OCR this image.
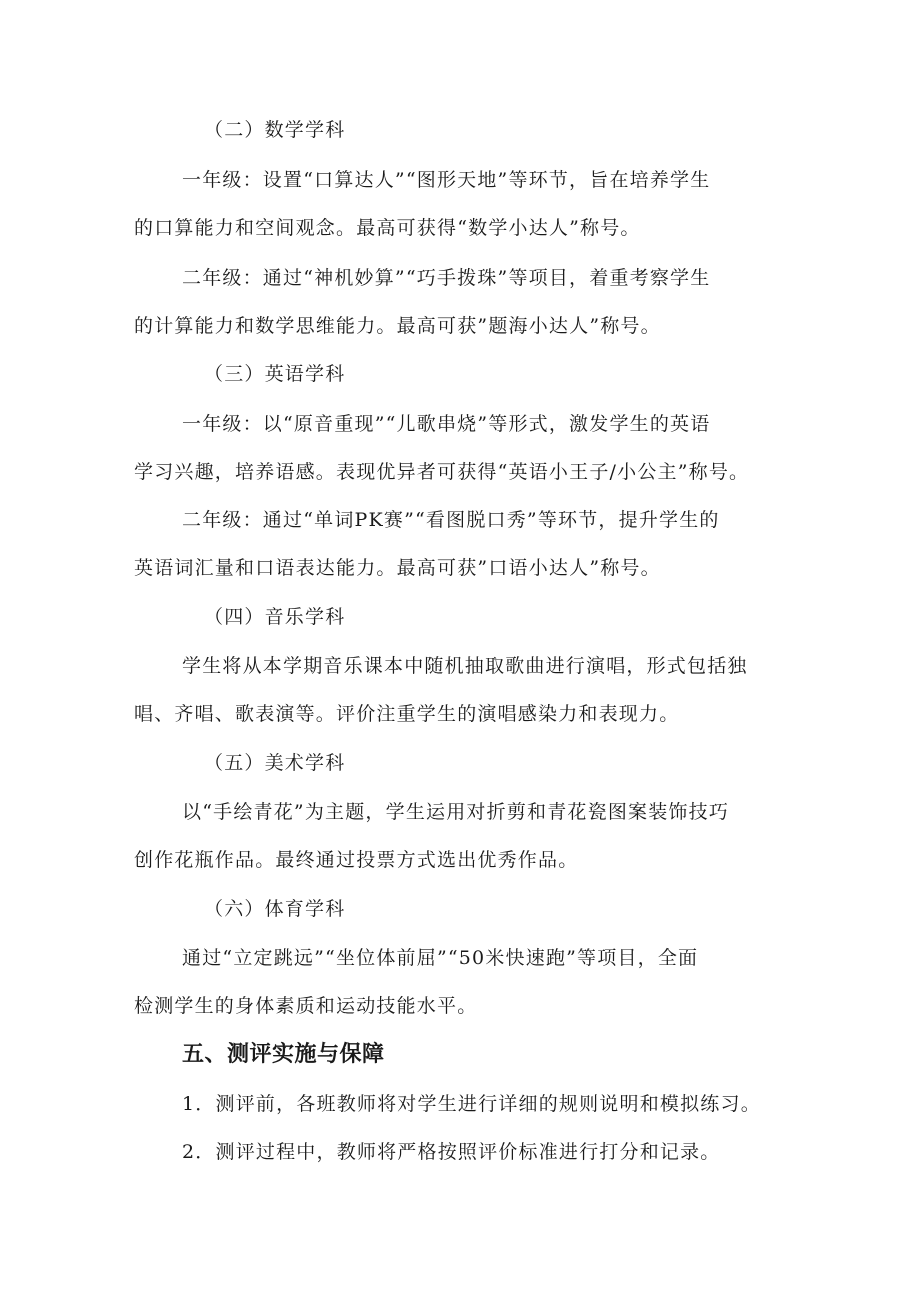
（二）数学学科
一年级：设置“口算达人”“图形天地”等环节，旨在培养学生
的口算能力和空间观念。最高可获得“数学小达人”称号。
二年级：通过“神机妙算”“巧手拨珠”等项目，着重考察学生
的计算能力和数学思维能力。最高可获”题海小达人”称号。
（三）英语学科
一年级：以“原音重现”“儿歌串烧”等形式，激发学生的英语
学习兴趣，培养语感。表现优异者可获得“英语小王子/小公主”称号。
二年级：通过“单词PK赛”“看图脱口秀”等环节，提升学生的
英语词汇量和口语表达能力。最高可获”口语小达人”称号。
（四）音乐学科
学生将从本学期音乐课本中随机抽取歌曲进行演唱，形式包括独
唱、齐唱、歌表演等。评价注重学生的演唱感染力和表现力。
（五）美术学科
以“手绘青花”为主题，学生运用对折剪和青花瓷图案装饰技巧
创作花瓶作品。最终通过投票方式选出优秀作品。
（六）体育学科
通过“立定跳远”“坐位体前屈”“50米快速跑”等项目，全面
检测学生的身体素质和运动技能水平。
五、测评实施与保障
1．测评前，各班教师将对学生进行详细的规则说明和模拟练习。
2．测评过程中，教师将严格按照评价标准进行打分和记录。
